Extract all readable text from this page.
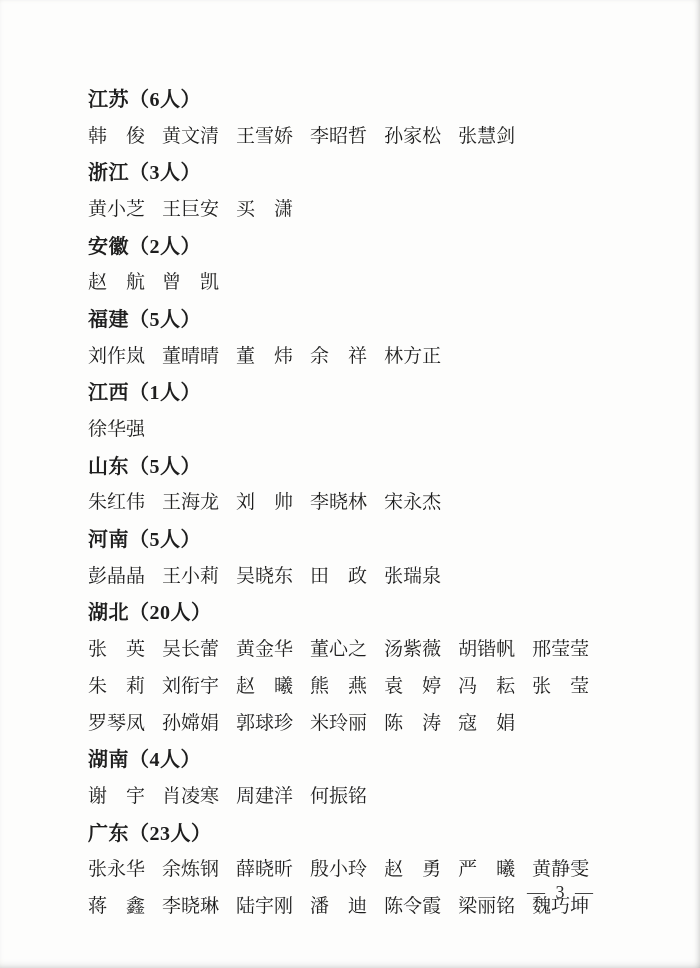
江苏（6人）
韩　俊 黄文清 王雪娇 李昭哲 孙家松 张慧剑
浙江（3人）
黄小芝 王巨安 买　潇
安徽（2人）
赵　航 曾　凯
福建（5人）
刘作岚 董晴晴 董　炜 余　祥 林方正
江西（1人）
徐华强
山东（5人）
朱红伟 王海龙 刘　帅 李晓林 宋永杰
河南（5人）
彭晶晶 王小莉 吴晓东 田　政 张瑞泉
湖北（20人）
张　英 吴长蕾 黄金华 董心之 汤紫薇 胡锴帆 邢莹莹
朱　莉 刘衔宇 赵　曦 熊　燕 袁　婷 冯　耘 张　莹
罗琴凤 孙嫦娟 郭球珍 米玲丽 陈　涛 寇　娟
湖南（4人）
谢　宇 肖凌寒 周建洋 何振铭
广东（23人）
张永华 余炼钢 薛晓昕 殷小玲 赵　勇 严　曦 黄静雯
蒋　鑫 李晓琳 陆宇刚 潘　迪 陈令霞 梁丽铭 魏巧坤
— 3 —
